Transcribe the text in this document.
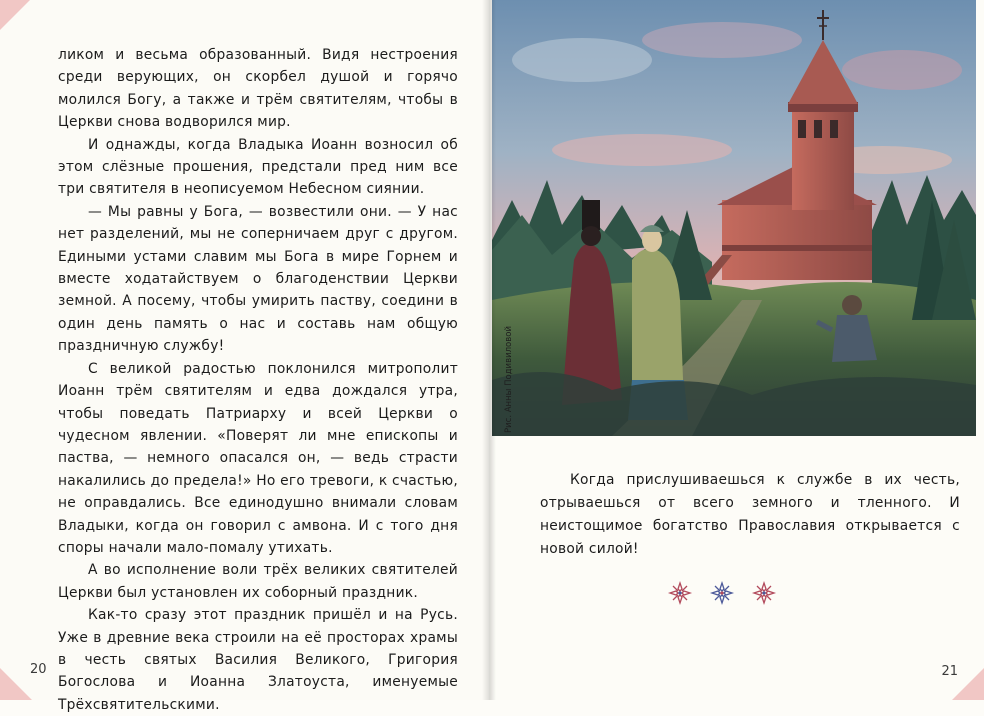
ликом и весьма образованный. Видя нестроения среди верующих, он скорбел душой и горячо молился Богу, а также и трём святителям, чтобы в Церкви снова водворился мир.

И однажды, когда Владыка Иоанн возносил об этом слёзные прошения, предстали пред ним все три святителя в неописуемом Небесном сиянии.

— Мы равны у Бога, — возвестили они. — У нас нет разделений, мы не соперничаем друг с другом. Едиными устами славим мы Бога в мире Горнем и вместе ходатайствуем о благоденствии Церкви земной. А посему, чтобы умирить паству, соедини в один день память о нас и составь нам общую праздничную службу!

С великой радостью поклонился митрополит Иоанн трём святителям и едва дождался утра, чтобы поведать Патриарху и всей Церкви о чудесном явлении. «Поверят ли мне епископы и паства, — немного опасался он, — ведь страсти накалились до предела!» Но его тревоги, к счастью, не оправдались. Все единодушно внимали словам Владыки, когда он говорил с амвона. И с того дня споры начали мало-помалу утихать.

А во исполнение воли трёх великих святителей Церкви был установлен их соборный праздник.

Как-то сразу этот праздник пришёл и на Русь. Уже в древние века строили на её просторах храмы в честь святых Василия Великого, Григория Богослова и Иоанна Златоуста, именуемые Трёхсвятительскими.

20
Когда прислушиваешься к службе в их честь, отрываешься от всего земного и тленного. И неистощимое богатство Православия открывается с новой силой!
21
Рис. Анны Подивиловой
